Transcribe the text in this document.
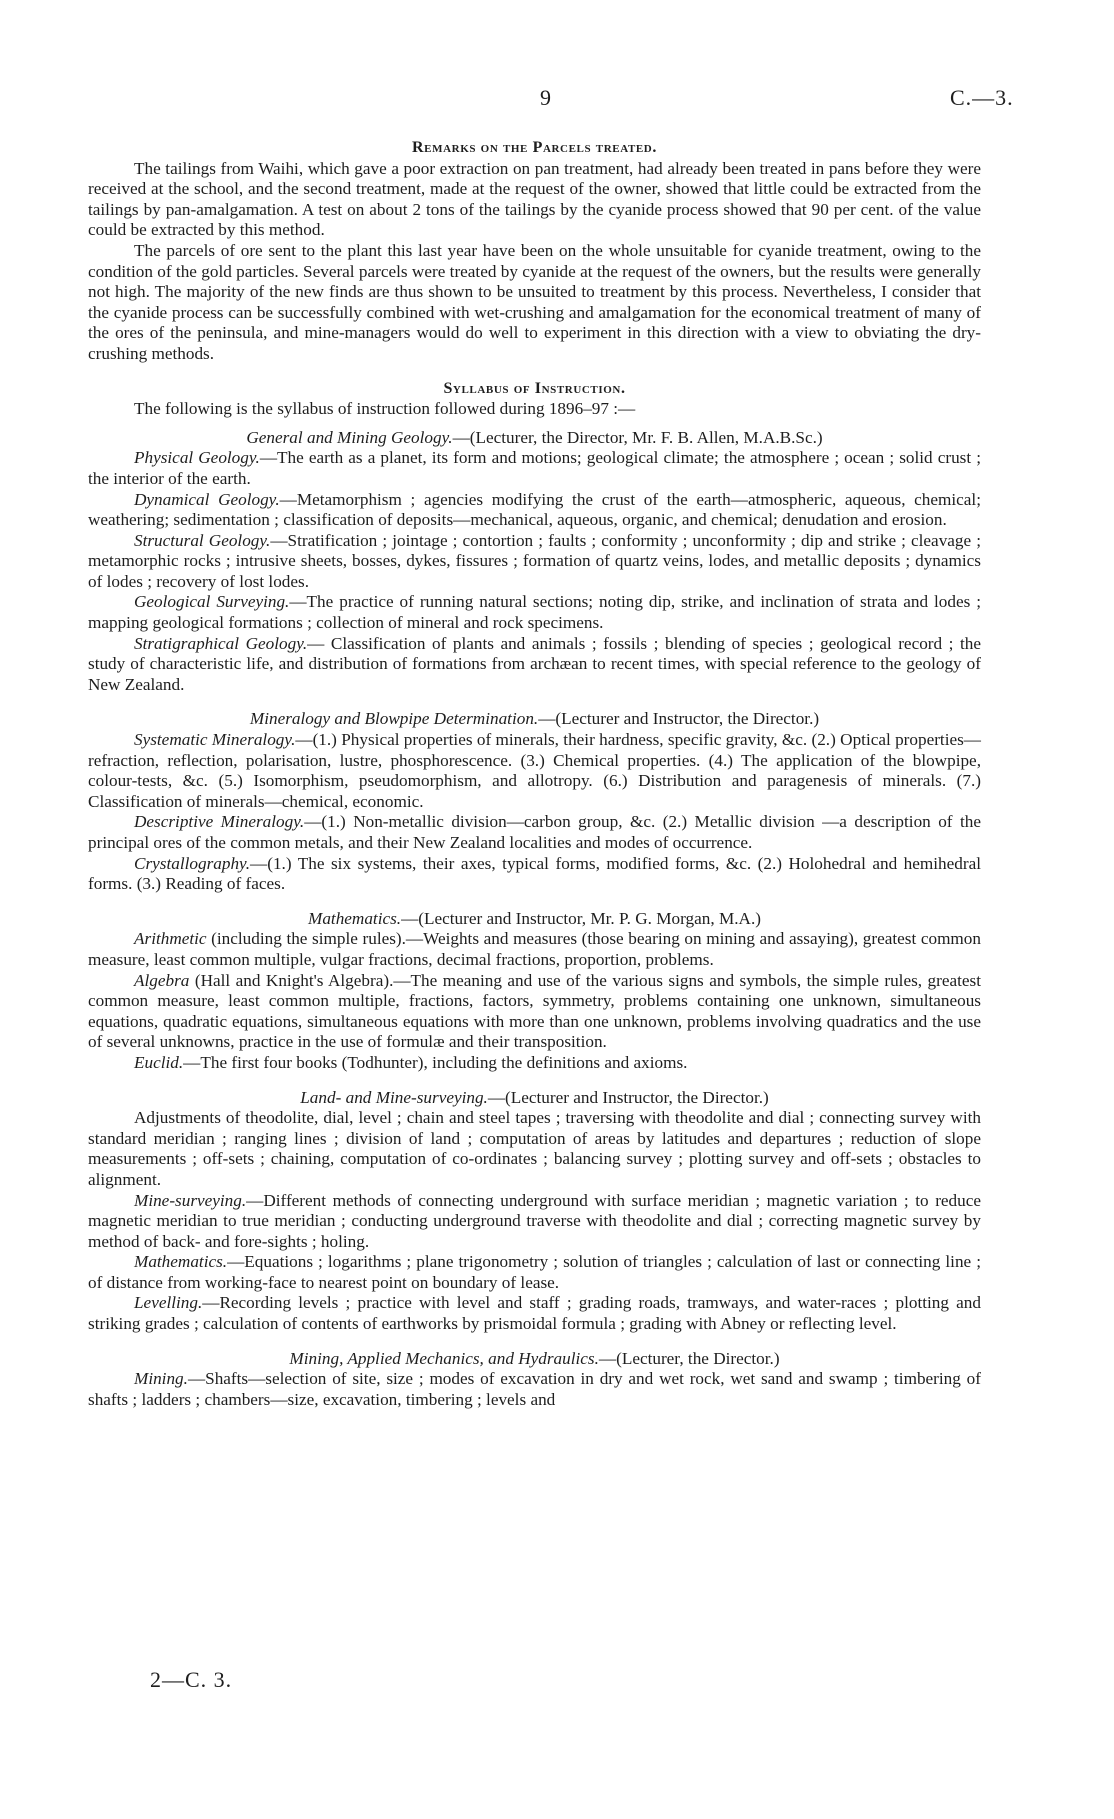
9	C.—3.
Remarks on the Parcels treated.

The tailings from Waihi, which gave a poor extraction on pan treatment, had already been treated in pans before they were received at the school, and the second treatment, made at the request of the owner, showed that little could be extracted from the tailings by pan-amalgamation. A test on about 2 tons of the tailings by the cyanide process showed that 90 per cent. of the value could be extracted by this method.

The parcels of ore sent to the plant this last year have been on the whole unsuitable for cyanide treatment, owing to the condition of the gold particles. Several parcels were treated by cyanide at the request of the owners, but the results were generally not high. The majority of the new finds are thus shown to be unsuited to treatment by this process. Nevertheless, I consider that the cyanide process can be successfully combined with wet-crushing and amalgamation for the economical treatment of many of the ores of the peninsula, and mine-managers would do well to experiment in this direction with a view to obviating the dry-crushing methods.

Syllabus of Instruction.

The following is the syllabus of instruction followed during 1896–97 :—

General and Mining Geology.—(Lecturer, the Director, Mr. F. B. Allen, M.A.B.Sc.)

Physical Geology.—The earth as a planet, its form and motions; geological climate; the atmosphere ; ocean ; solid crust ; the interior of the earth.

Dynamical Geology.—Metamorphism ; agencies modifying the crust of the earth—atmospheric, aqueous, chemical; weathering; sedimentation ; classification of deposits—mechanical, aqueous, organic, and chemical; denudation and erosion.

Structural Geology.—Stratification ; jointage ; contortion ; faults ; conformity ; unconformity ; dip and strike ; cleavage ; metamorphic rocks ; intrusive sheets, bosses, dykes, fissures ; formation of quartz veins, lodes, and metallic deposits ; dynamics of lodes ; recovery of lost lodes.

Geological Surveying.—The practice of running natural sections; noting dip, strike, and inclination of strata and lodes ; mapping geological formations ; collection of mineral and rock specimens.

Stratigraphical Geology.— Classification of plants and animals ; fossils ; blending of species ; geological record ; the study of characteristic life, and distribution of formations from archæan to recent times, with special reference to the geology of New Zealand.

Mineralogy and Blowpipe Determination.—(Lecturer and Instructor, the Director.)

Systematic Mineralogy.—(1.) Physical properties of minerals, their hardness, specific gravity, &c. (2.) Optical properties—refraction, reflection, polarisation, lustre, phosphorescence. (3.) Chemical properties. (4.) The application of the blowpipe, colour-tests, &c. (5.) Isomorphism, pseudomorphism, and allotropy. (6.) Distribution and paragenesis of minerals. (7.) Classification of minerals—chemical, economic.

Descriptive Mineralogy.—(1.) Non-metallic division—carbon group, &c. (2.) Metallic division —a description of the principal ores of the common metals, and their New Zealand localities and modes of occurrence.

Crystallography.—(1.) The six systems, their axes, typical forms, modified forms, &c. (2.) Holohedral and hemihedral forms. (3.) Reading of faces.

Mathematics.—(Lecturer and Instructor, Mr. P. G. Morgan, M.A.)

Arithmetic (including the simple rules).—Weights and measures (those bearing on mining and assaying), greatest common measure, least common multiple, vulgar fractions, decimal fractions, proportion, problems.

Algebra (Hall and Knight's Algebra).—The meaning and use of the various signs and symbols, the simple rules, greatest common measure, least common multiple, fractions, factors, symmetry, problems containing one unknown, simultaneous equations, quadratic equations, simultaneous equations with more than one unknown, problems involving quadratics and the use of several unknowns, practice in the use of formulæ and their transposition.

Euclid.—The first four books (Todhunter), including the definitions and axioms.

Land- and Mine-surveying.—(Lecturer and Instructor, the Director.)

Adjustments of theodolite, dial, level ; chain and steel tapes ; traversing with theodolite and dial ; connecting survey with standard meridian ; ranging lines ; division of land ; computation of areas by latitudes and departures ; reduction of slope measurements ; off-sets ; chaining, computation of co-ordinates ; balancing survey ; plotting survey and off-sets ; obstacles to alignment.

Mine-surveying.—Different methods of connecting underground with surface meridian ; magnetic variation ; to reduce magnetic meridian to true meridian ; conducting underground traverse with theodolite and dial ; correcting magnetic survey by method of back- and fore-sights ; holing.

Mathematics.—Equations ; logarithms ; plane trigonometry ; solution of triangles ; calculation of last or connecting line ; of distance from working-face to nearest point on boundary of lease.

Levelling.—Recording levels ; practice with level and staff ; grading roads, tramways, and water-races ; plotting and striking grades ; calculation of contents of earthworks by prismoidal formula ; grading with Abney or reflecting level.

Mining, Applied Mechanics, and Hydraulics.—(Lecturer, the Director.)

Mining.—Shafts—selection of site, size ; modes of excavation in dry and wet rock, wet sand and swamp ; timbering of shafts ; ladders ; chambers—size, excavation, timbering ; levels and

2—C. 3.
